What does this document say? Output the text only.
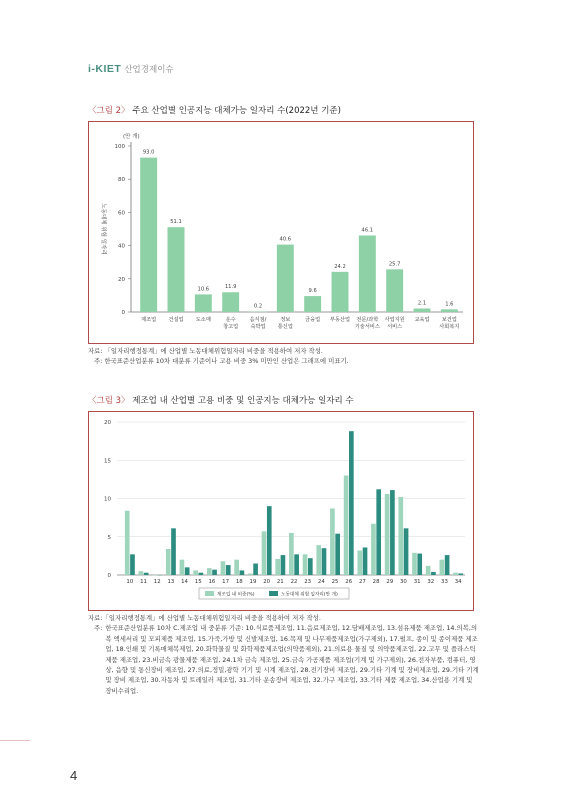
i-KIET 산업경제이슈
〈그림 2〉 주요 산업별 인공지능 대체가능 일자리 수(2022년 기준)
(만 개)
0
20
40
60
80
100
노동대체 위험 일자리
93.0
제조업
51.1
건설업
10.6
도소매
11.9
운수
창고업
0.2
음식점/
숙박업
40.6
정보
통신업
9.6
금융업
24.2
부동산업
46.1
전문/과학
기술서비스
25.7
사업지원
서비스
2.1
교육업
1.6
보건업
사회복지
자료: 「일자리행정통계」에 산업별 노동대체위험일자리 비중을 적용하여 저자 작성.
주: 한국표준산업분류 10차 대분류 기준이나 고용 비중 3% 미만인 산업은 그래프에 미표기.
〈그림 3〉 제조업 내 산업별 고용 비중 및 인공지능 대체가능 일자리 수
0
5
10
15
20
10 11 12 13 14 15 16 17 18 19 20 21 22 23 24 25 26 27 28 29 30 31 32 33 34
제조업 내 비중(%)	노동대체 위험 일자리(만 개)
자료: 「일자리행정통계」에 산업별 노동대체위험일자리 비중을 적용하여 저자 작성.
주: 한국표준산업분류 10차 C.제조업 내 중분류 기준: 10.식료품제조업, 11.음료제조업, 12.담배제조업, 13.섬유제품 제조업, 14.의복,의복 액세서리 및 모피제품 제조업, 15.가죽,가방 및 신발제조업, 16.목재 및 나무제품제조업(가구제외), 17.펄프, 종이 및 종이제품 제조업, 18.인쇄 및 기록매체복제업, 20.화학물질 및 화학제품제조업(의약품제외), 21.의료용 물질 및 의약품제조업, 22.고무 및 플라스틱제품 제조업, 23.비금속 광물제품 제조업, 24.1차 금속 제조업, 25.금속 가공제품 제조업(기계 및 가구제외), 26.전자부품, 컴퓨터, 영상, 음향 및 통신장비 제조업, 27.의료,정밀,광학 기기 및 시계 제조업, 28.전기장비 제조업, 29.기타 기계 및 장비제조업, 29.기타 기계 및 장비 제조업, 30.자동차 및 트레일러 제조업, 31.기타 운송장비 제조업, 32.가구 제조업, 33.기타 제품 제조업, 34.산업용 기계 및 장비수리업.
4
